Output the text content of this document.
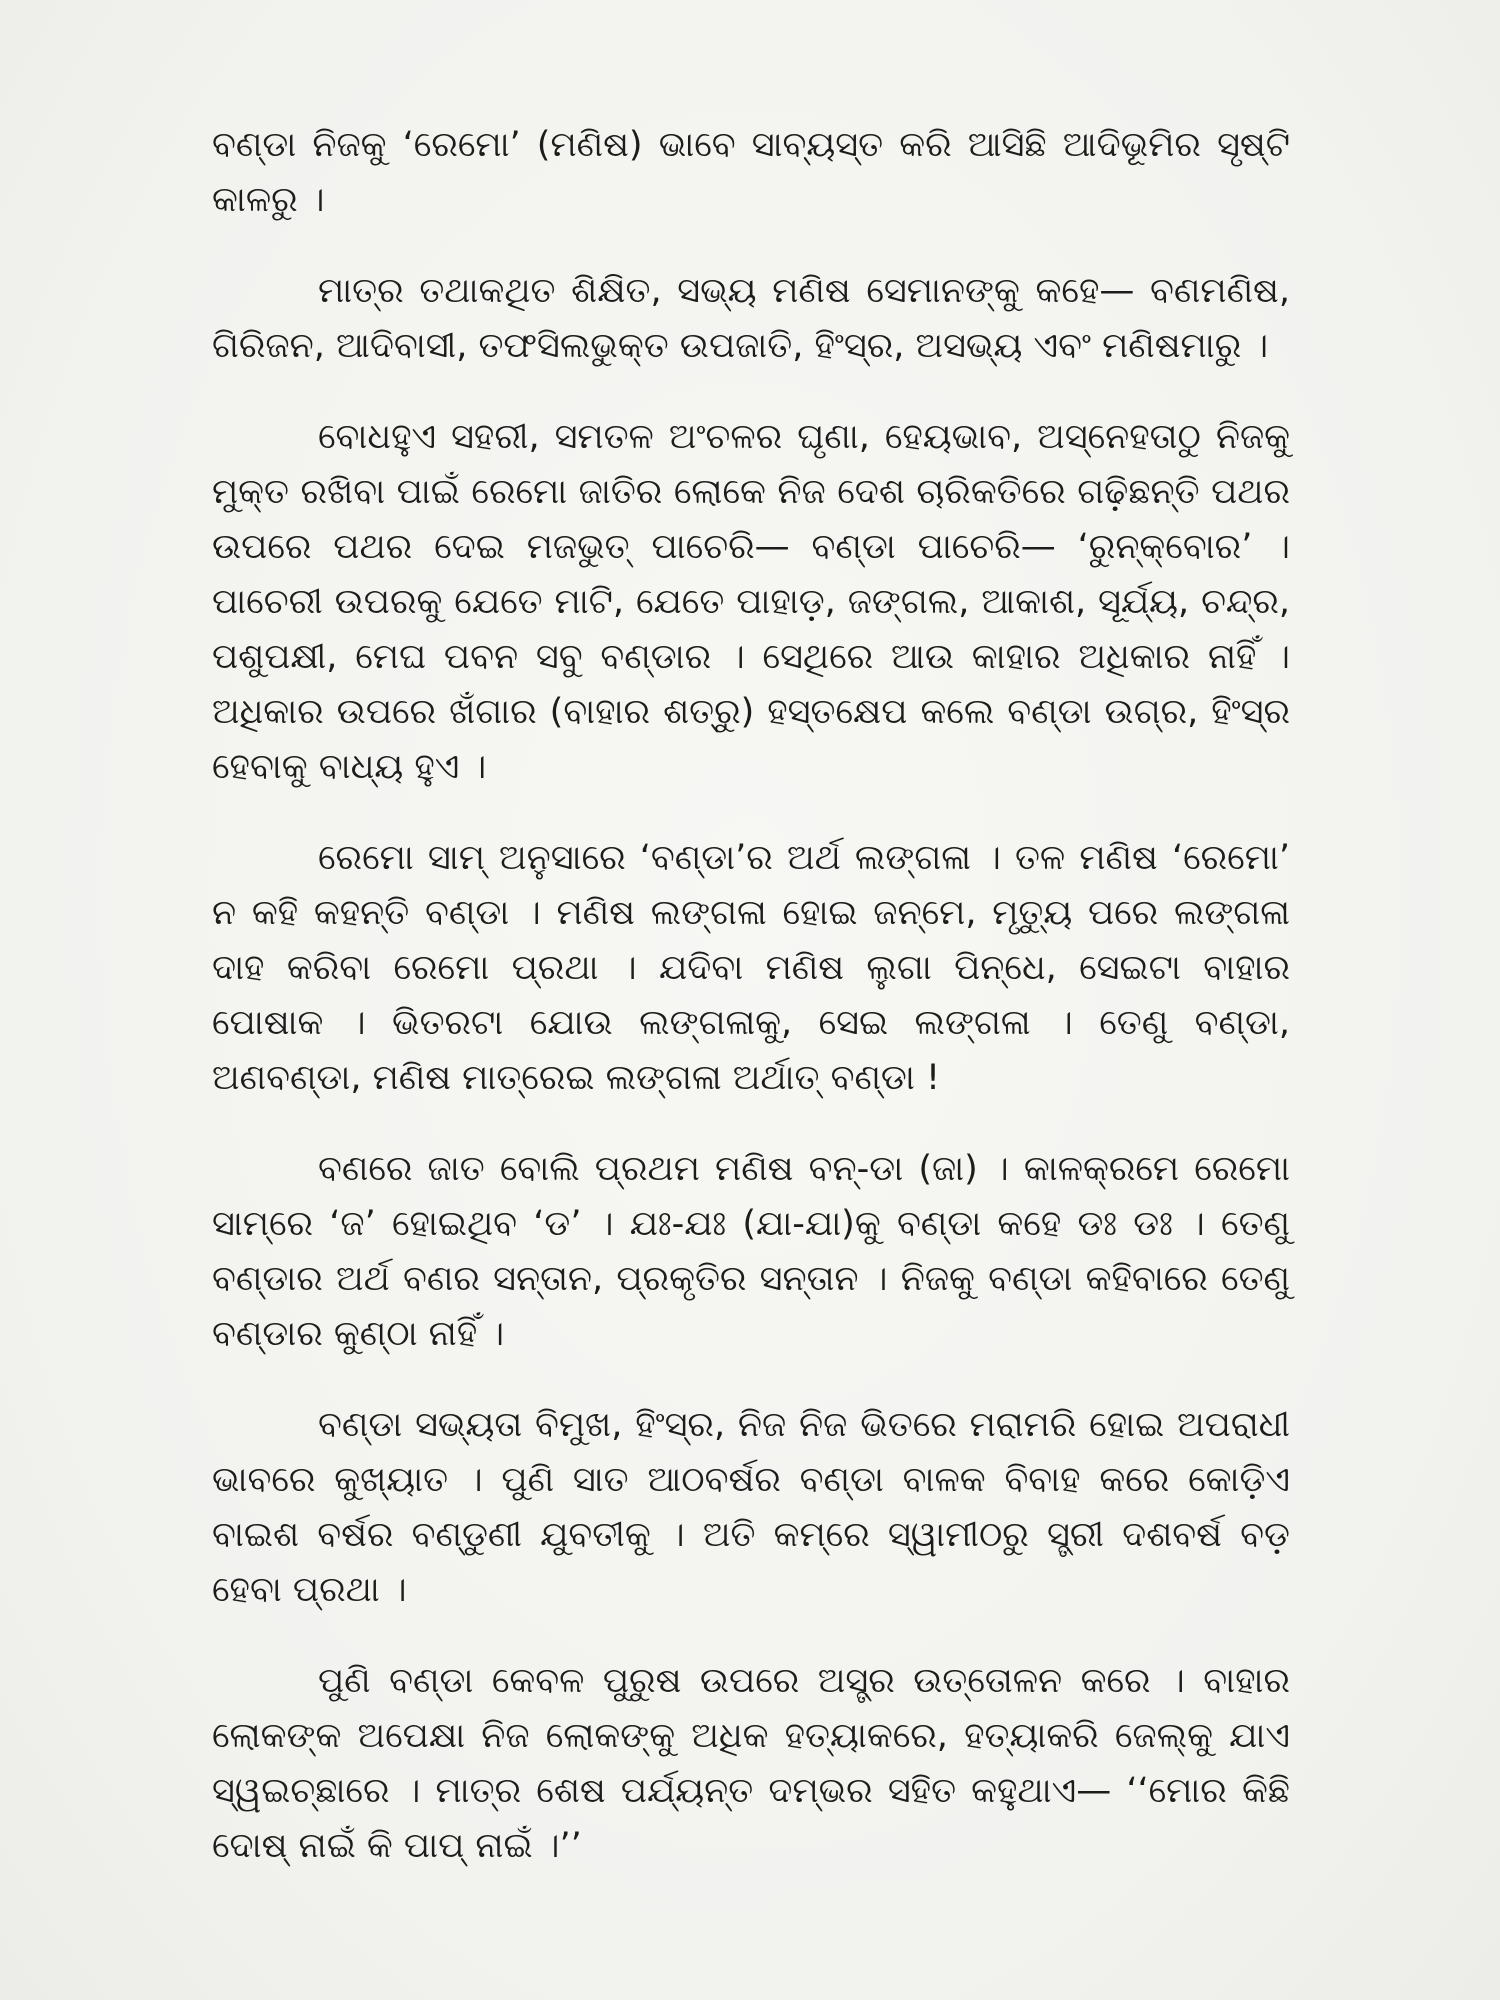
ବଣ୍ଡା ନିଜକୁ ‘ରେମୋ’ (ମଣିଷ) ଭାବେ ସାବ୍ୟସ୍ତ କରି ଆସିଛି ଆଦିଭୂମିର ସୃଷ୍ଟି କାଳରୁ ।

ମାତ୍ର ତଥାକଥିତ ଶିକ୍ଷିତ, ସଭ୍ୟ ମଣିଷ ସେମାନଙ୍କୁ କହେ— ବଣମଣିଷ, ଗିରିଜନ, ଆଦିବାସୀ, ତଫସିଲଭୁକ୍ତ ଉପଜାତି, ହିଂସ୍ର, ଅସଭ୍ୟ ଏବଂ ମଣିଷମାରୁ ।

ବୋଧହୁଏ ସହରୀ, ସମତଳ ଅଂଚଳର ଘୃଣା, ହେୟଭାବ, ଅସ୍ନେହତାଠୁ ନିଜକୁ ମୁକ୍ତ ରଖିବା ପାଇଁ ରେମୋ ଜାତିର ଲୋକେ ନିଜ ଦେଶ ଚାରିକତିରେ ଗଢ଼ିଛନ୍ତି ପଥର ଉପରେ ପଥର ଦେଇ ମଜଭୁତ୍ ପାଚେରି— ବଣ୍ଡା ପାଚେରି— ‘ରୁନ୍କ୍‌ବୋର’ । ପାଚେରୀ ଉପରକୁ ଯେତେ ମାଟି, ଯେତେ ପାହାଡ଼, ଜଙ୍ଗଲ, ଆକାଶ, ସୂର୍ଯ୍ୟ, ଚନ୍ଦ୍ର, ପଶୁପକ୍ଷୀ, ମେଘ ପବନ ସବୁ ବଣ୍ଡାର । ସେଥିରେ ଆଉ କାହାର ଅଧିକାର ନାହିଁ । ଅଧିକାର ଉପରେ ଖଁଗାର (ବାହାର ଶତ୍ରୁ) ହସ୍ତକ୍ଷେପ କଲେ ବଣ୍ଡା ଉଗ୍ର, ହିଂସ୍ର ହେବାକୁ ବାଧ୍ୟ ହୁଏ ।

ରେମୋ ସାମ୍ ଅନୁସାରେ ‘ବଣ୍ଡା’ର ଅର୍ଥ ଲଙ୍ଗଳା । ତଳ ମଣିଷ ‘ରେମୋ’ ନ କହି କହନ୍ତି ବଣ୍ଡା । ମଣିଷ ଲଙ୍ଗଳା ହୋଇ ଜନ୍ମେ, ମୃତ୍ୟୁ ପରେ ଲଙ୍ଗଳା ଦାହ କରିବା ରେମୋ ପ୍ରଥା । ଯଦିବା ମଣିଷ ଲୁଗା ପିନ୍ଧେ, ସେଇଟା ବାହାର ପୋଷାକ । ଭିତରଟା ଯୋଉ ଲଙ୍ଗଳାକୁ, ସେଇ ଲଙ୍ଗଳା । ତେଣୁ ବଣ୍ଡା, ଅଣବଣ୍ଡା, ମଣିଷ ମାତ୍ରେଇ ଲଙ୍ଗଳା ଅର୍ଥାତ୍ ବଣ୍ଡା !

ବଣରେ ଜାତ ବୋଲି ପ୍ରଥମ ମଣିଷ ବନ୍-ଡା (ଜା) । କାଳକ୍ରମେ ରେମୋ ସାମ୍‌ରେ ‘ଜ’ ହୋଇଥିବ ‘ଡ’ । ଯଃ-ଯଃ (ଯା-ଯା)କୁ ବଣ୍ଡା କହେ ଡଃ ଡଃ । ତେଣୁ ବଣ୍ଡାର ଅର୍ଥ ବଣର ସନ୍ତାନ, ପ୍ରକୃତିର ସନ୍ତାନ । ନିଜକୁ ବଣ୍ଡା କହିବାରେ ତେଣୁ ବଣ୍ଡାର କୁଣ୍ଠା ନାହିଁ ।

ବଣ୍ଡା ସଭ୍ୟତା ବିମୁଖ, ହିଂସ୍ର, ନିଜ ନିଜ ଭିତରେ ମରାମରି ହୋଇ ଅପରାଧୀ ଭାବରେ କୁଖ୍ୟାତ । ପୁଣି ସାତ ଆଠବର୍ଷର ବଣ୍ଡା ବାଳକ ବିବାହ କରେ କୋଡ଼ିଏ ବାଇଶ ବର୍ଷର ବଣ୍ଡୁଣୀ ଯୁବତୀକୁ । ଅତି କମ୍‌ରେ ସ୍ୱାମୀଠରୁ ସ୍ତ୍ରୀ ଦଶବର୍ଷ ବଡ଼ ହେବା ପ୍ରଥା ।

ପୁଣି ବଣ୍ଡା କେବଳ ପୁରୁଷ ଉପରେ ଅସ୍ତ୍ର ଉତ୍ତୋଳନ କରେ । ବାହାର ଲୋକଙ୍କ ଅପେକ୍ଷା ନିଜ ଲୋକଙ୍କୁ ଅଧିକ ହତ୍ୟାକରେ, ହତ୍ୟାକରି ଜେଲ୍‌କୁ ଯାଏ ସ୍ୱଇଚ୍ଛାରେ । ମାତ୍ର ଶେଷ ପର୍ଯ୍ୟନ୍ତ ଦମ୍ଭର ସହିତ କହୁଥାଏ— ‘‘ମୋର କିଛି ଦୋଷ୍ ନାଇଁ କି ପାପ୍ ନାଇଁ ।’’
